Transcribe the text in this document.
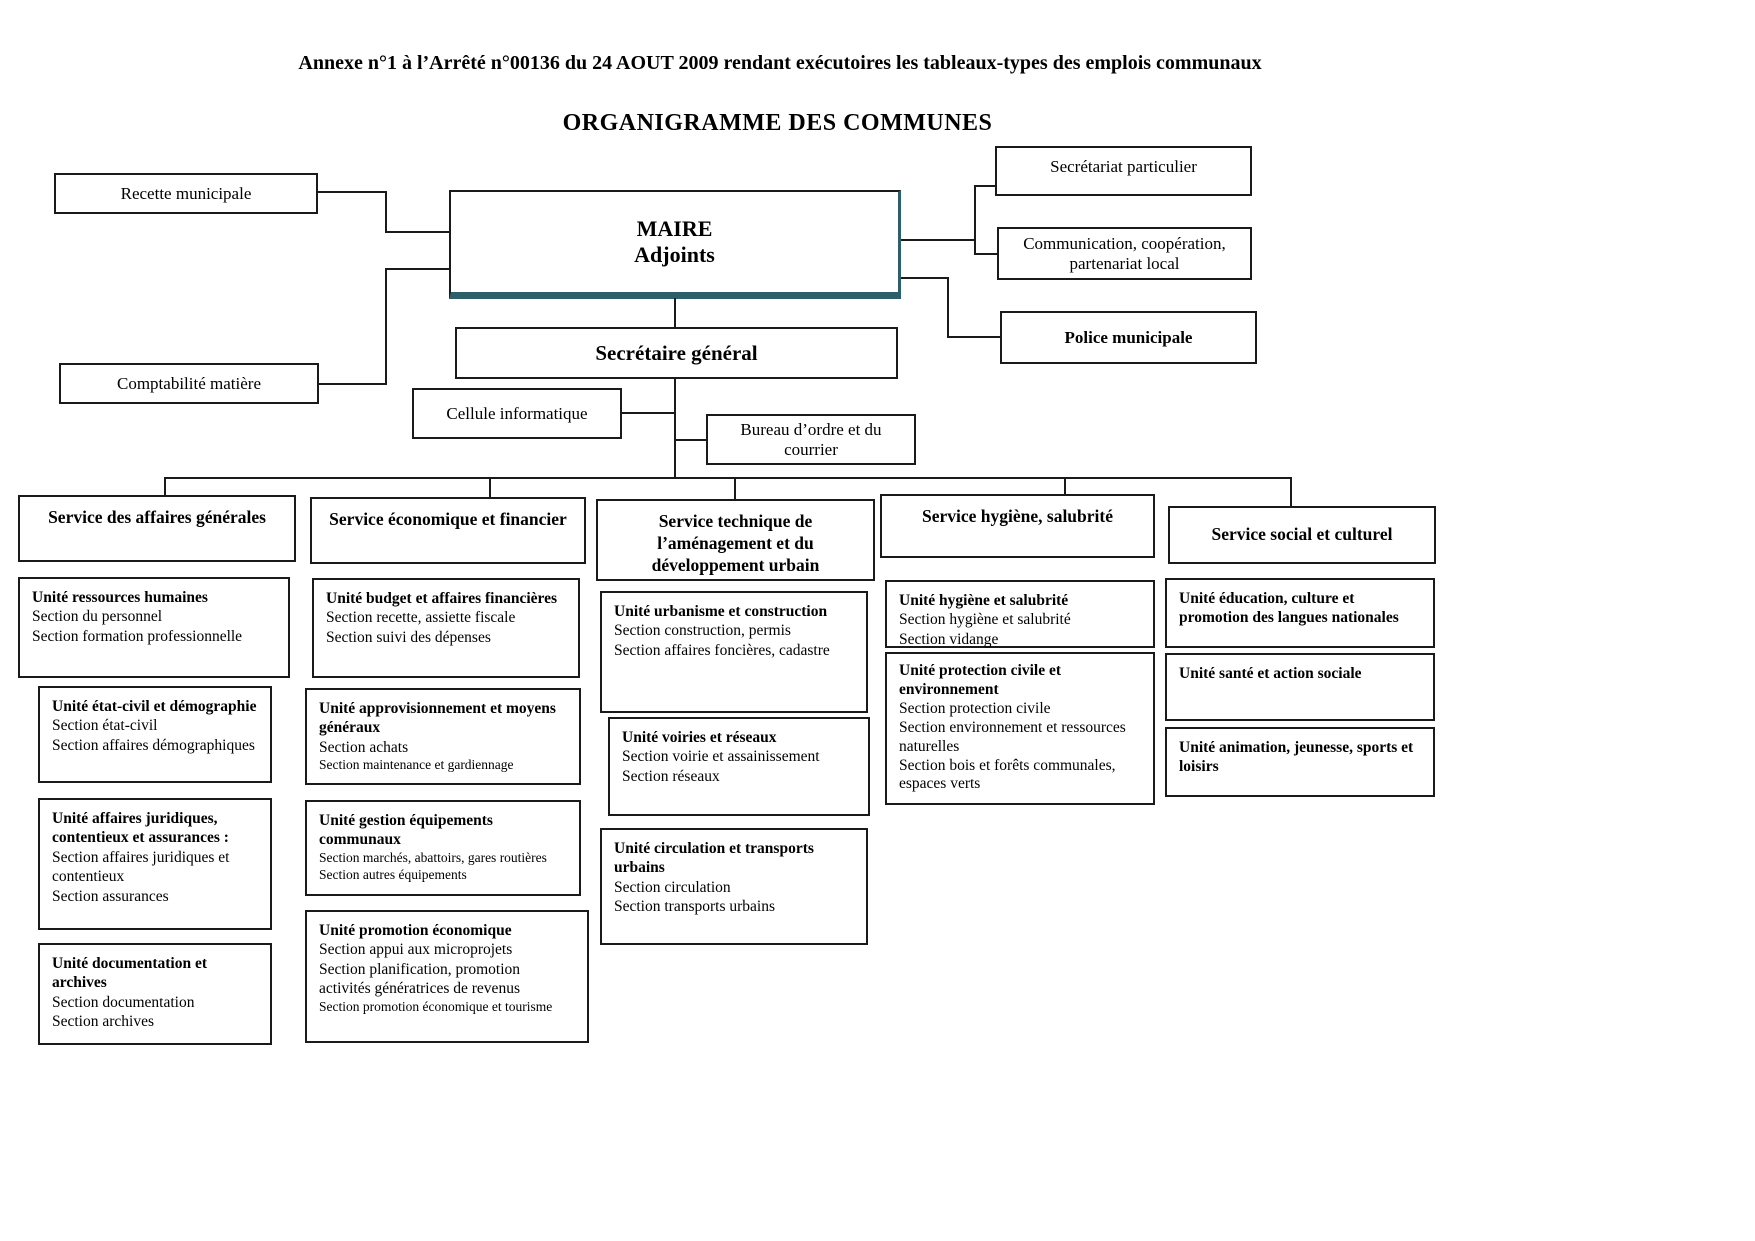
Annexe n°1 à l’Arrêté n°00136 du 24 AOUT 2009 rendant exécutoires les tableaux-types des emplois communaux
ORGANIGRAMME DES COMMUNES
Recette municipale
MAIRE
Adjoints
Secrétariat particulier
Communication, coopération, partenariat local
Police municipale
Comptabilité matière
Secrétaire général
Cellule informatique
Bureau d’ordre et du courrier
Service des affaires générales	Service économique et financier	Service technique de l’aménagement et du développement urbain
Service hygiène, salubrité
Service social et culturel
Unité ressources humaines
Section du personnel
Section formation professionnelle
Unité état-civil et démographie
Section état-civil
Section affaires démographiques
Unité affaires juridiques, contentieux et assurances :
Section affaires juridiques et contentieux
Section assurances
Unité documentation et archives
Section documentation
Section archives
Unité budget et affaires financières
Section recette, assiette fiscale
Section suivi des dépenses
Unité approvisionnement et moyens généraux
Section achats
Section maintenance et gardiennage
Unité gestion équipements communaux
Section marchés, abattoirs, gares routières
Section autres équipements
Unité promotion économique
Section appui aux microprojets
Section planification, promotion activités génératrices de revenus
Section promotion économique et tourisme
Unité urbanisme et construction
Section construction, permis
Section affaires foncières, cadastre
Unité voiries et réseaux
Section voirie et assainissement
Section réseaux
Unité circulation et transports urbains
Section circulation
Section transports urbains
Unité hygiène et salubrité
Section hygiène et salubrité
Section vidange
Unité protection civile et environnement
Section protection civile
Section environnement et ressources naturelles
Section bois et forêts communales, espaces verts
Unité éducation, culture et promotion des langues nationales
Unité santé et action sociale
Unité animation, jeunesse, sports et loisirs
